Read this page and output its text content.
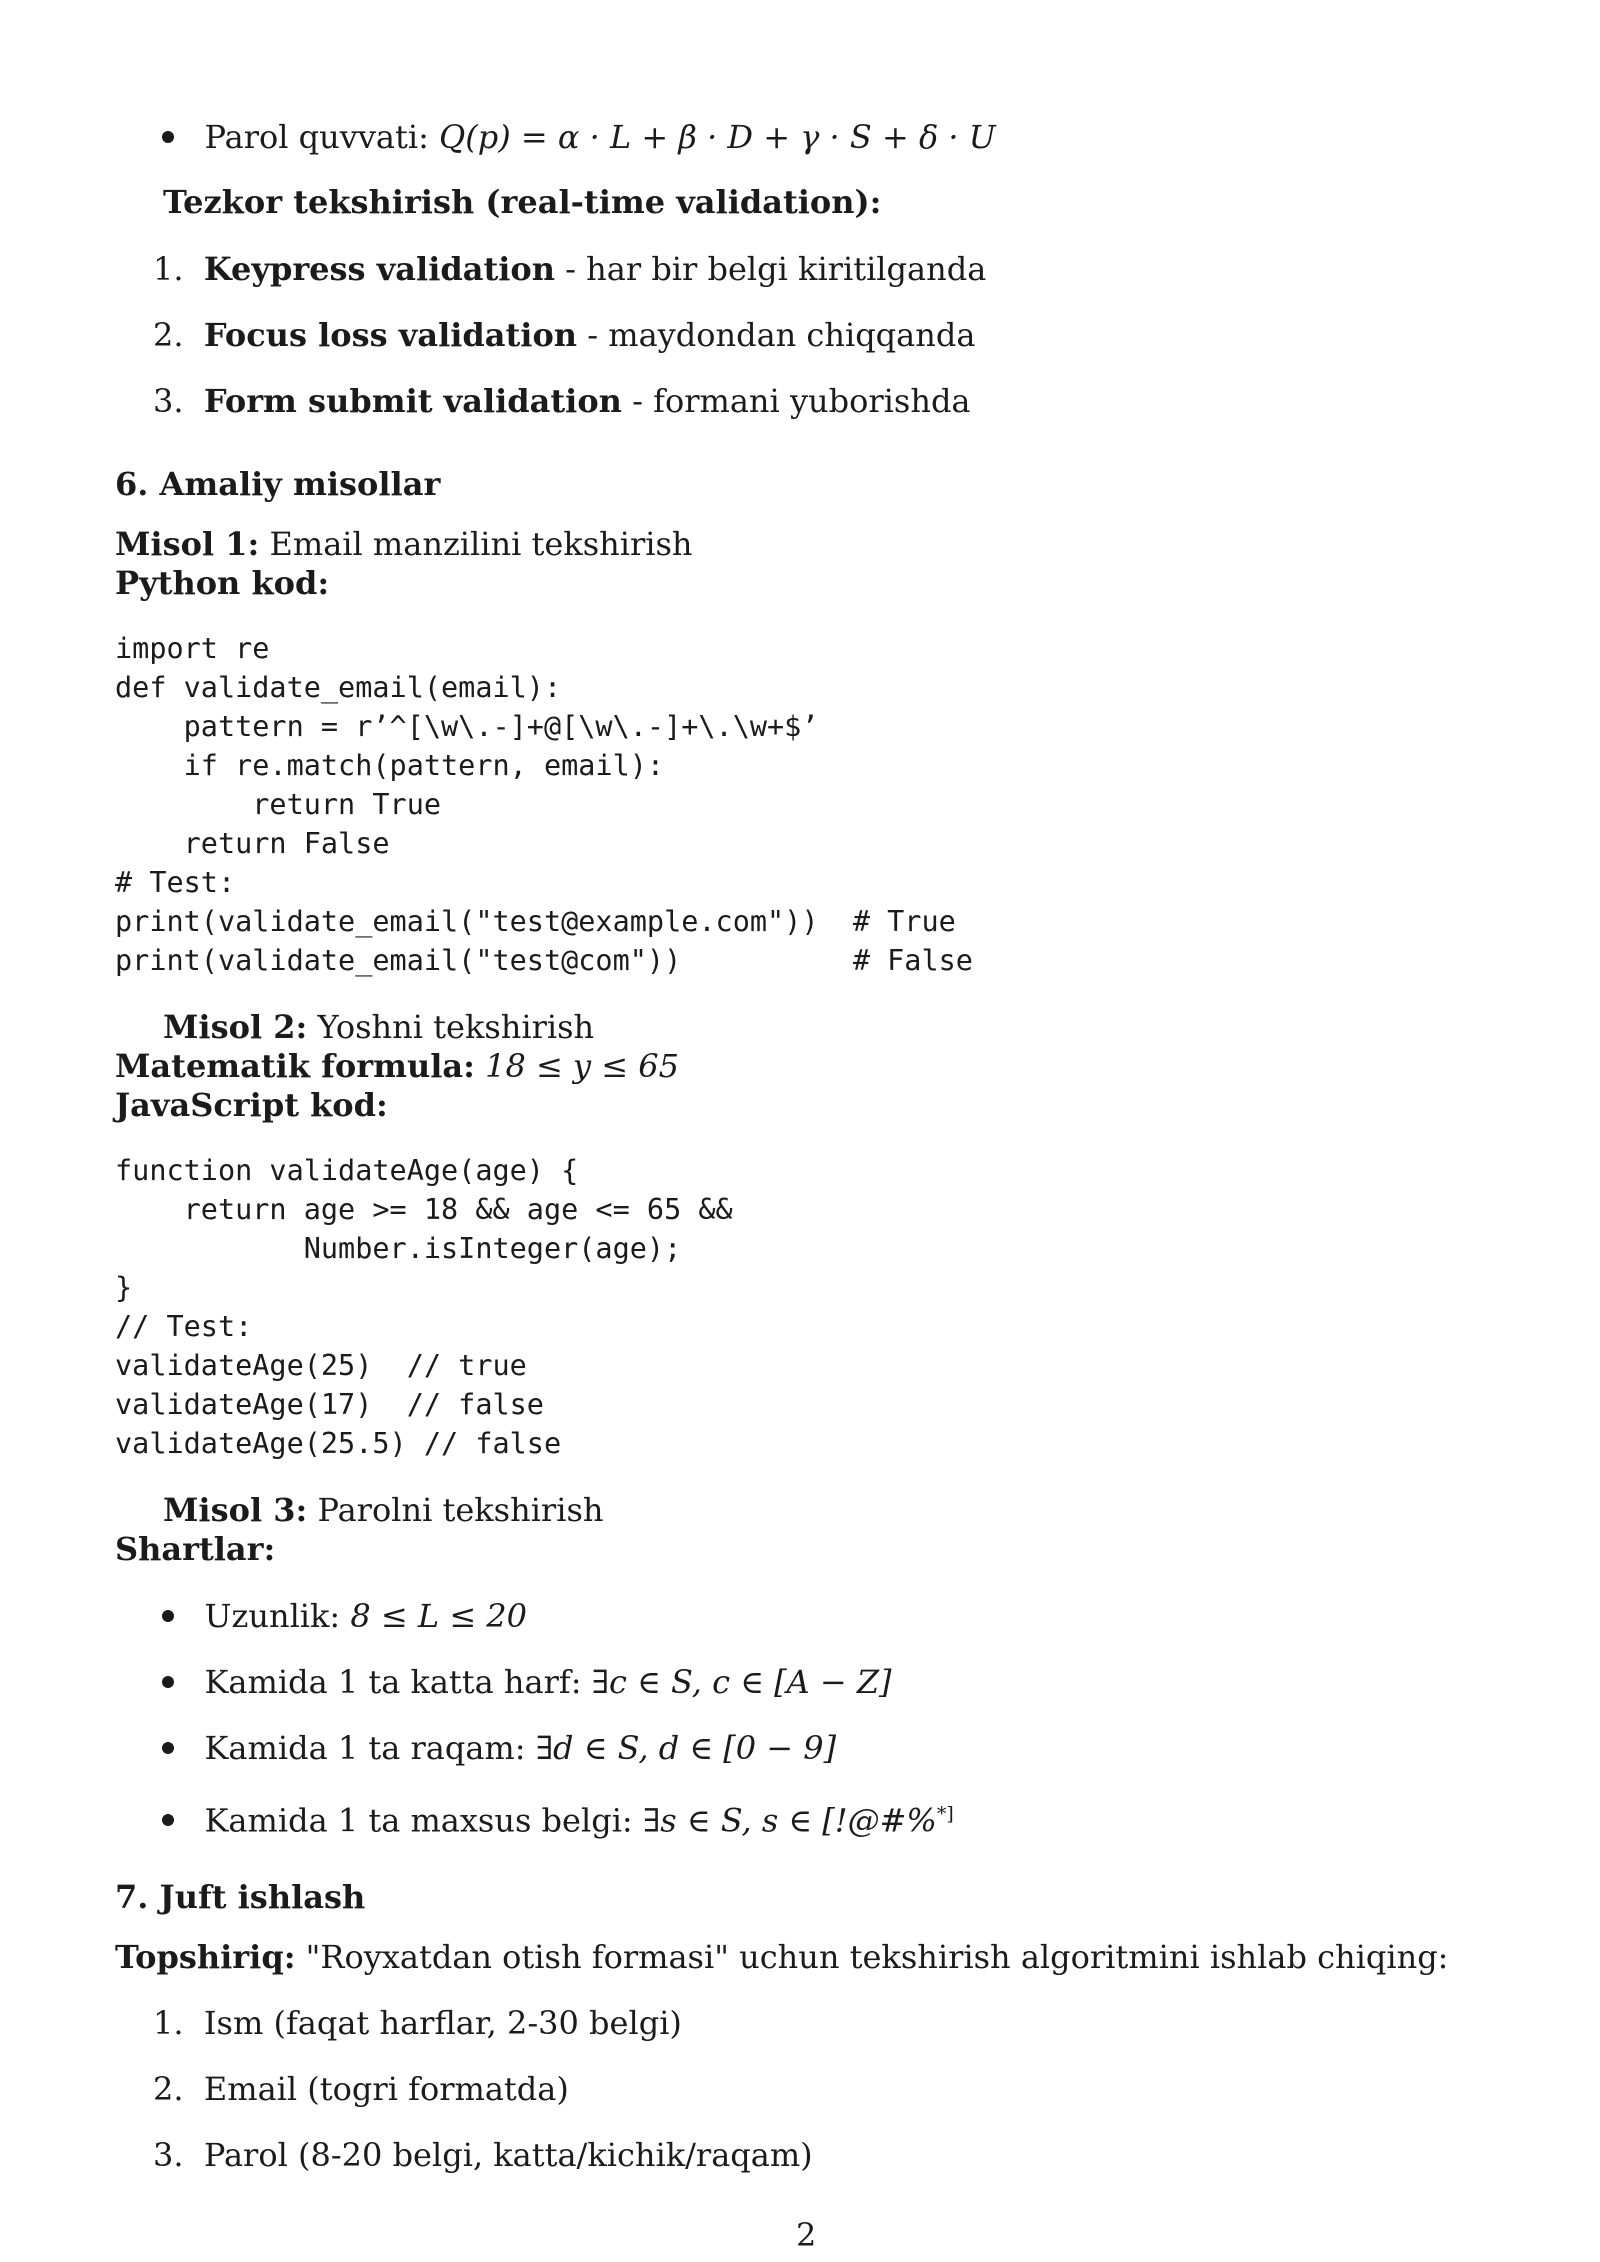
Parol quvvati: Q(p) = α · L + β · D + γ · S + δ · U
Tezkor tekshirish (real-time validation):
1. Keypress validation - har bir belgi kiritilganda
2. Focus loss validation - maydondan chiqqanda
3. Form submit validation - formani yuborishda
6. Amaliy misollar
Misol 1: Email manzilini tekshirish
Python kod:
import re
def validate_email(email):
pattern = r’^[\w\.-]+@[\w\.-]+\.\w+$’
if re.match(pattern, email):
return True
return False
# Test:
print(validate_email("test@example.com"))  # True
print(validate_email("test@com"))          # False
Misol 2: Yoshni tekshirish
Matematik formula: 18 ≤ y ≤ 65
JavaScript kod:
function validateAge(age) {
return age >= 18 && age <= 65 &&
Number.isInteger(age);
}
// Test:
validateAge(25)  // true
validateAge(17)  // false
validateAge(25.5) // false
Misol 3: Parolni tekshirish
Shartlar:
Uzunlik: 8 ≤ L ≤ 20
Kamida 1 ta katta harf: ∃c ∈ S, c ∈ [A − Z]
Kamida 1 ta raqam: ∃d ∈ S, d ∈ [0 − 9]
Kamida 1 ta maxsus belgi: ∃s ∈ S, s ∈ [!@#%*]
7. Juft ishlash
Topshiriq: "Royxatdan otish formasi" uchun tekshirish algoritmini ishlab chiqing:
1. Ism (faqat harflar, 2-30 belgi)
2. Email (togri formatda)
3. Parol (8-20 belgi, katta/kichik/raqam)
2
